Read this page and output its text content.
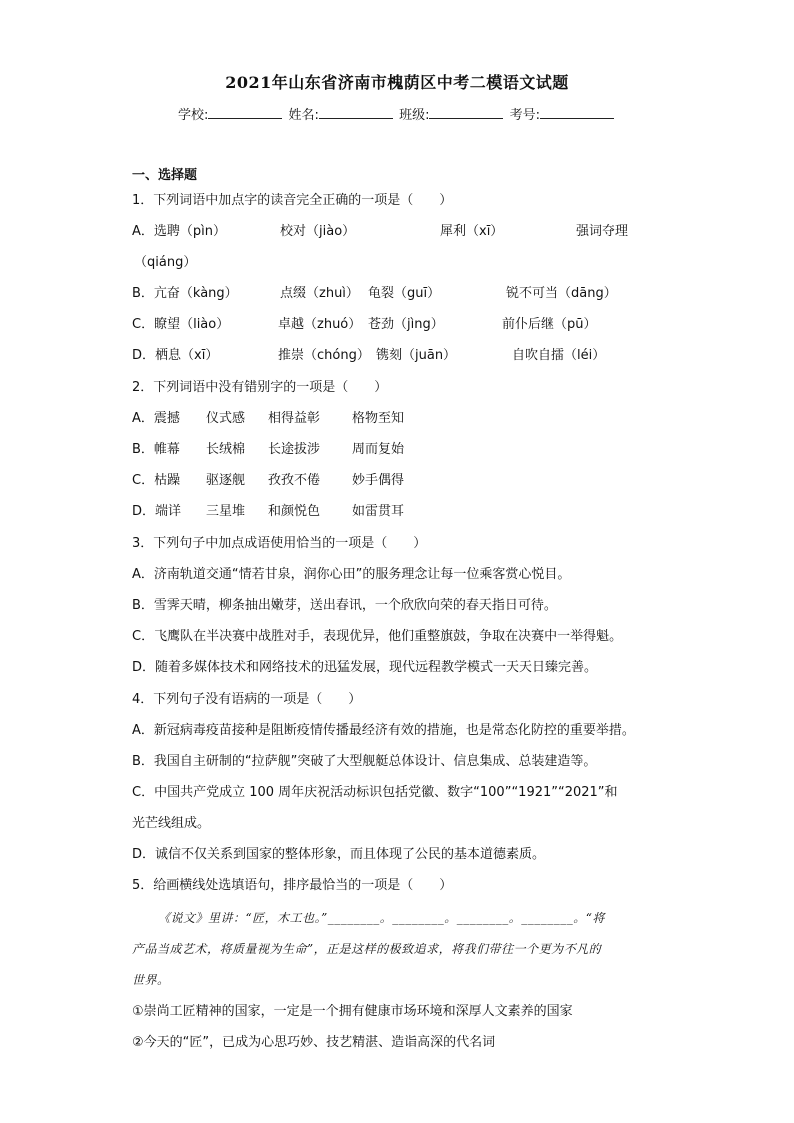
2021年山东省济南市槐荫区中考二模语文试题
学校:	姓名:	班级:	考号:
一、选择题
1．下列词语中加点字的读音完全正确的一项是（　　）
A．选聘（pìn）	校对（jiào）	犀利（xī）	强词夺理
（qiáng）
B．亢奋（kàng）	点缀（zhuì） 龟裂（guī）	锐不可当（dāng）
C．瞭望（liào）	卓越（zhuó） 苍劲（jìng）	前仆后继（pū）
D．栖息（xī）	推崇（chóng） 镌刻（juān）	自吹自擂（léi）
2．下列词语中没有错别字的一项是（　　）
A．震撼 仪式感 相得益彰 格物至知
B．帷幕 长绒棉 长途拔涉 周而复始
C．枯躁 驱逐舰 孜孜不倦 妙手偶得
D．端详 三星堆 和颜悦色 如雷贯耳
3．下列句子中加点成语使用恰当的一项是（　　）
A．济南轨道交通“情若甘泉，润你心田”的服务理念让每一位乘客赏心悦目。
B．雪霁天晴，柳条抽出嫩芽，送出春讯，一个欣欣向荣的春天指日可待。
C．飞鹰队在半决赛中战胜对手，表现优异，他们重整旗鼓，争取在决赛中一举得魁。
D．随着多媒体技术和网络技术的迅猛发展，现代远程教学模式一天天日臻完善。
4．下列句子没有语病的一项是（　　）
A．新冠病毒疫苗接种是阻断疫情传播最经济有效的措施，也是常态化防控的重要举措。
B．我国自主研制的“拉萨舰”突破了大型舰艇总体设计、信息集成、总装建造等。
C．中国共产党成立 100 周年庆祝活动标识包括党徽、数字“100”“1921”“2021”和
光芒线组成。
D．诚信不仅关系到国家的整体形象，而且体现了公民的基本道德素质。
5．给画横线处选填语句，排序最恰当的一项是（　　）
《说文》里讲：“匠，木工也。”________。________。________。________。“将
产品当成艺术，将质量视为生命”，正是这样的极致追求，将我们带往一个更为不凡的
世界。
①崇尚工匠精神的国家，一定是一个拥有健康市场环境和深厚人文素养的国家
②今天的“匠”，已成为心思巧妙、技艺精湛、造诣高深的代名词
